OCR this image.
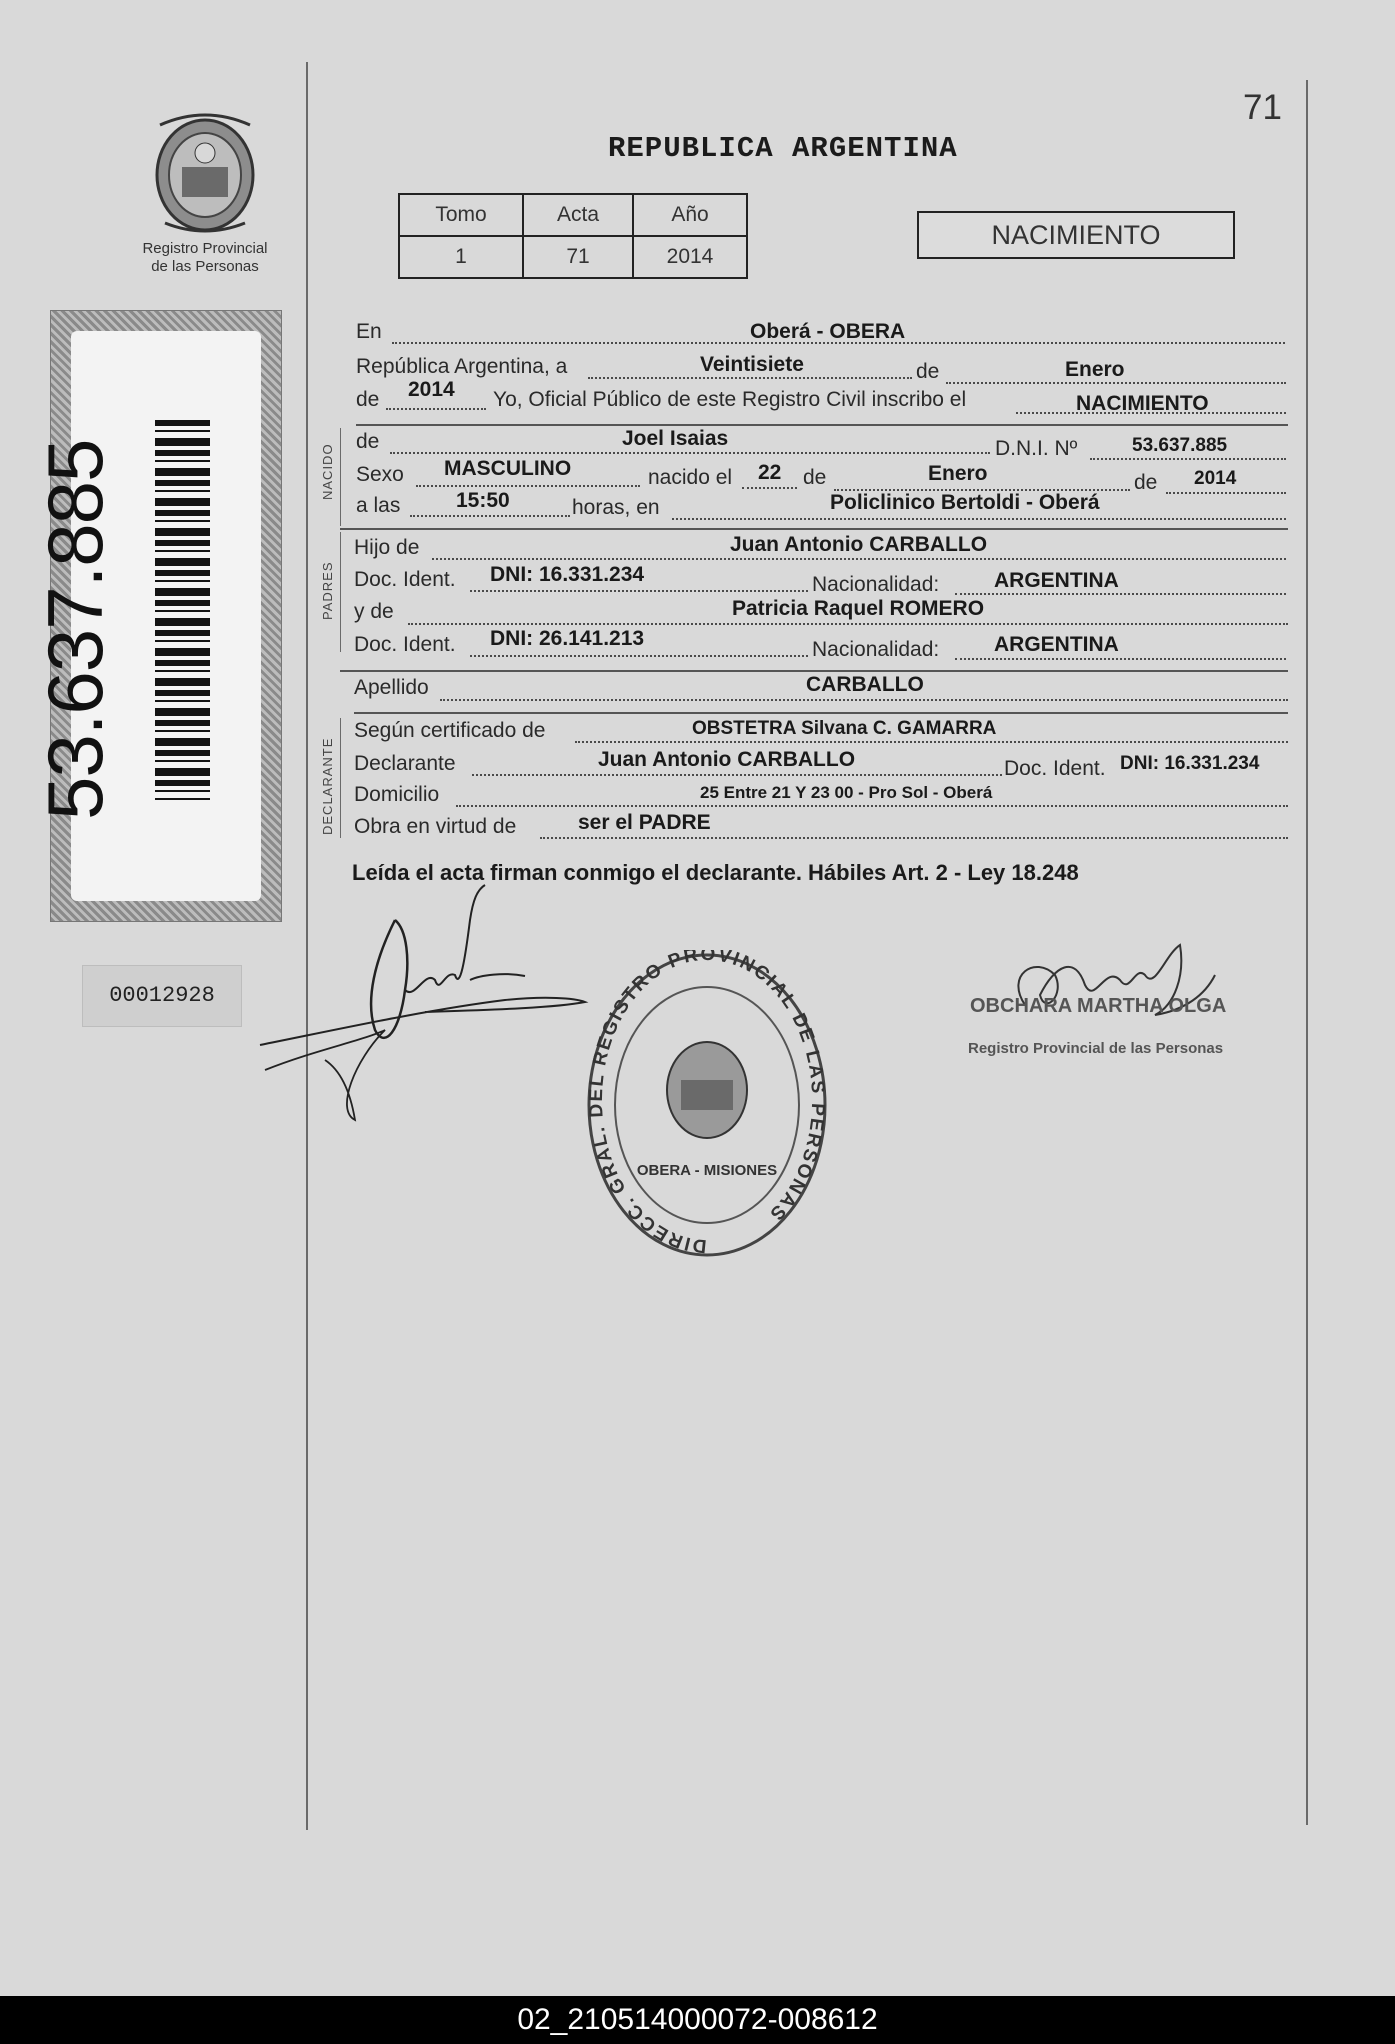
Registro Provincial
de las Personas
53.637.885
00012928
71
REPUBLICA ARGENTINA
Tomo	Acta	Año
1	71	2014
NACIMIENTO
En	Oberá - OBERA
República Argentina, a	Veintisiete	de	Enero
de 2014 Yo, Oficial Público de este Registro Civil inscribo el	NACIMIENTO
NACIDO
de	Joel Isaias	D.N.I. Nº	53.637.885
Sexo MASCULINO	nacido el 22 de	Enero	de 2014
a las	15:50	horas, en	Policlinico Bertoldi - Oberá
PADRES
Hijo de	Juan Antonio CARBALLO
Doc. Ident. DNI: 16.331.234	Nacionalidad:	ARGENTINA
y de	Patricia Raquel ROMERO
Doc. Ident. DNI: 26.141.213	Nacionalidad:	ARGENTINA
Apellido	CARBALLO
DECLARANTE
Según certificado de	OBSTETRA Silvana C. GAMARRA
Declarante	Juan Antonio CARBALLO	Doc. Ident. DNI: 16.331.234
Domicilio	25 Entre 21 Y 23 00 - Pro Sol - Oberá
Obra en virtud de	ser el PADRE
Leída el acta firman conmigo el declarante. Hábiles Art. 2 - Ley 18.248
DIRECC. GRAL. DEL REGISTRO PROVINCIAL DE LAS PERSONAS
OBERA - MISIONES
OBCHARA MARTHA OLGA
Registro Provincial de las Personas
02_210514000072-008612
